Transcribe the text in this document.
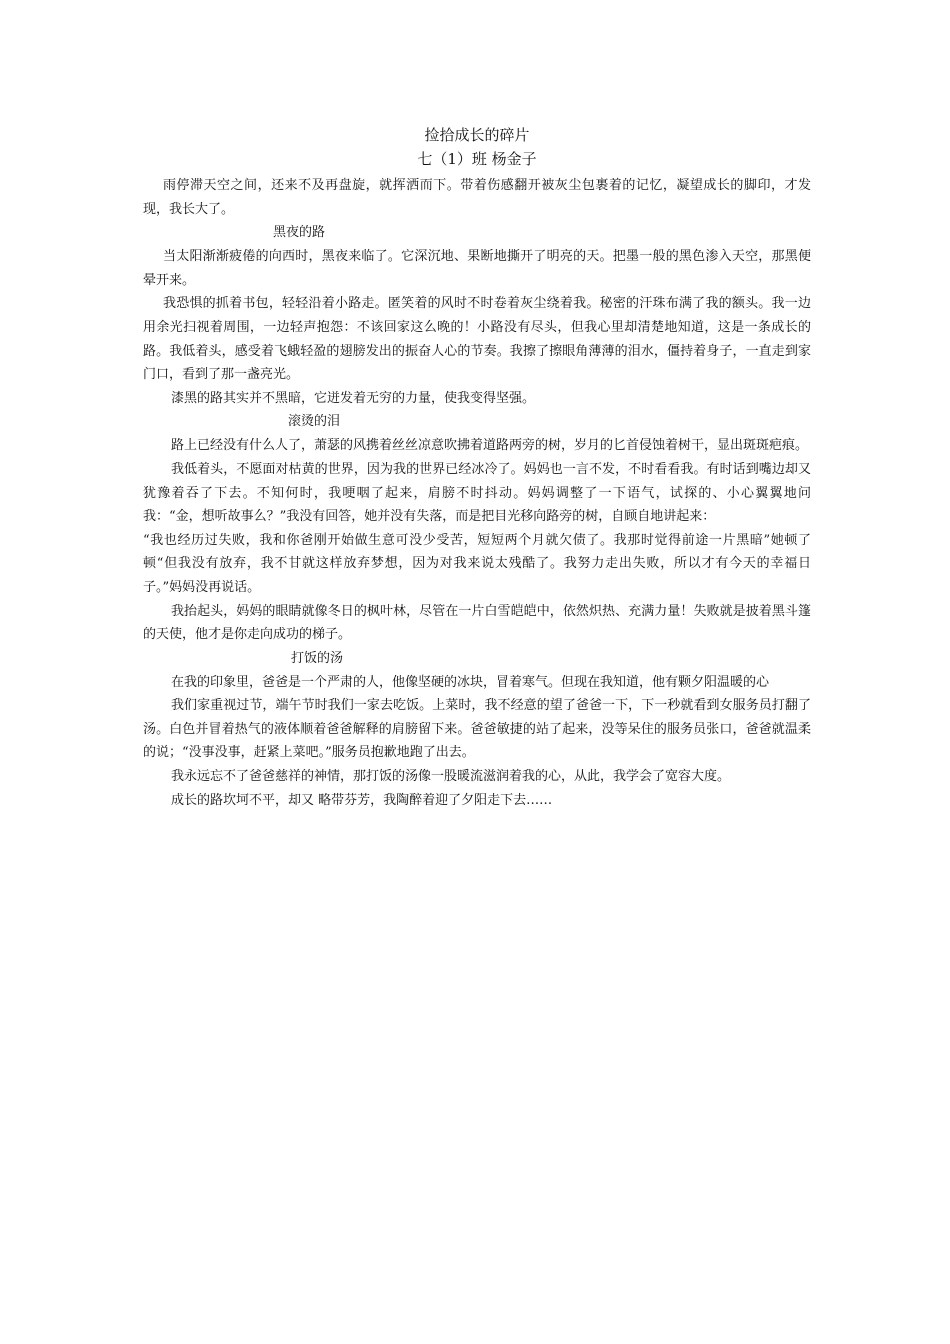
捡拾成长的碎片
七（1）班 杨金子

雨停滞天空之间，还来不及再盘旋，就挥洒而下。带着伤感翻开被灰尘包裹着的记忆，凝望成长的脚印，才发现，我长大了。

黑夜的路

当太阳渐渐疲倦的向西时，黑夜来临了。它深沉地、果断地撕开了明亮的天。把墨一般的黑色渗入天空，那黑便晕开来。

我恐惧的抓着书包，轻轻沿着小路走。匿笑着的风时不时卷着灰尘绕着我。秘密的汗珠布满了我的额头。我一边用余光扫视着周围，一边轻声抱怨：不该回家这么晚的！小路没有尽头，但我心里却清楚地知道，这是一条成长的路。我低着头，感受着飞蛾轻盈的翅膀发出的振奋人心的节奏。我擦了擦眼角薄薄的泪水，僵持着身子，一直走到家门口，看到了那一盏亮光。

漆黑的路其实并不黑暗，它迸发着无穷的力量，使我变得坚强。

滚烫的泪

路上已经没有什么人了，萧瑟的风携着丝丝凉意吹拂着道路两旁的树，岁月的匕首侵蚀着树干，显出斑斑疤痕。

我低着头，不愿面对枯黄的世界，因为我的世界已经冰冷了。妈妈也一言不发，不时看看我。有时话到嘴边却又犹豫着吞了下去。不知何时，我哽咽了起来，肩膀不时抖动。妈妈调整了一下语气，试探的、小心翼翼地问我：“金，想听故事么？”我没有回答，她并没有失落，而是把目光移向路旁的树，自顾自地讲起来：

“我也经历过失败，我和你爸刚开始做生意可没少受苦，短短两个月就欠债了。我那时觉得前途一片黑暗”她顿了顿“但我没有放弃，我不甘就这样放弃梦想，因为对我来说太残酷了。我努力走出失败，所以才有今天的幸福日子。”妈妈没再说话。

我抬起头，妈妈的眼睛就像冬日的枫叶林，尽管在一片白雪皑皑中，依然炽热、充满力量！失败就是披着黑斗篷的天使，他才是你走向成功的梯子。

打饭的汤

在我的印象里，爸爸是一个严肃的人，他像坚硬的冰块，冒着寒气。但现在我知道，他有颗夕阳温暖的心

我们家重视过节，端午节时我们一家去吃饭。上菜时，我不经意的望了爸爸一下，下一秒就看到女服务员打翻了汤。白色并冒着热气的液体顺着爸爸解释的肩膀留下来。爸爸敏捷的站了起来，没等呆住的服务员张口，爸爸就温柔的说；“没事没事，赶紧上菜吧。”服务员抱歉地跑了出去。

我永远忘不了爸爸慈祥的神情，那打饭的汤像一股暖流滋润着我的心，从此，我学会了宽容大度。

成长的路坎坷不平，却又 略带芬芳，我陶醉着迎了夕阳走下去……
